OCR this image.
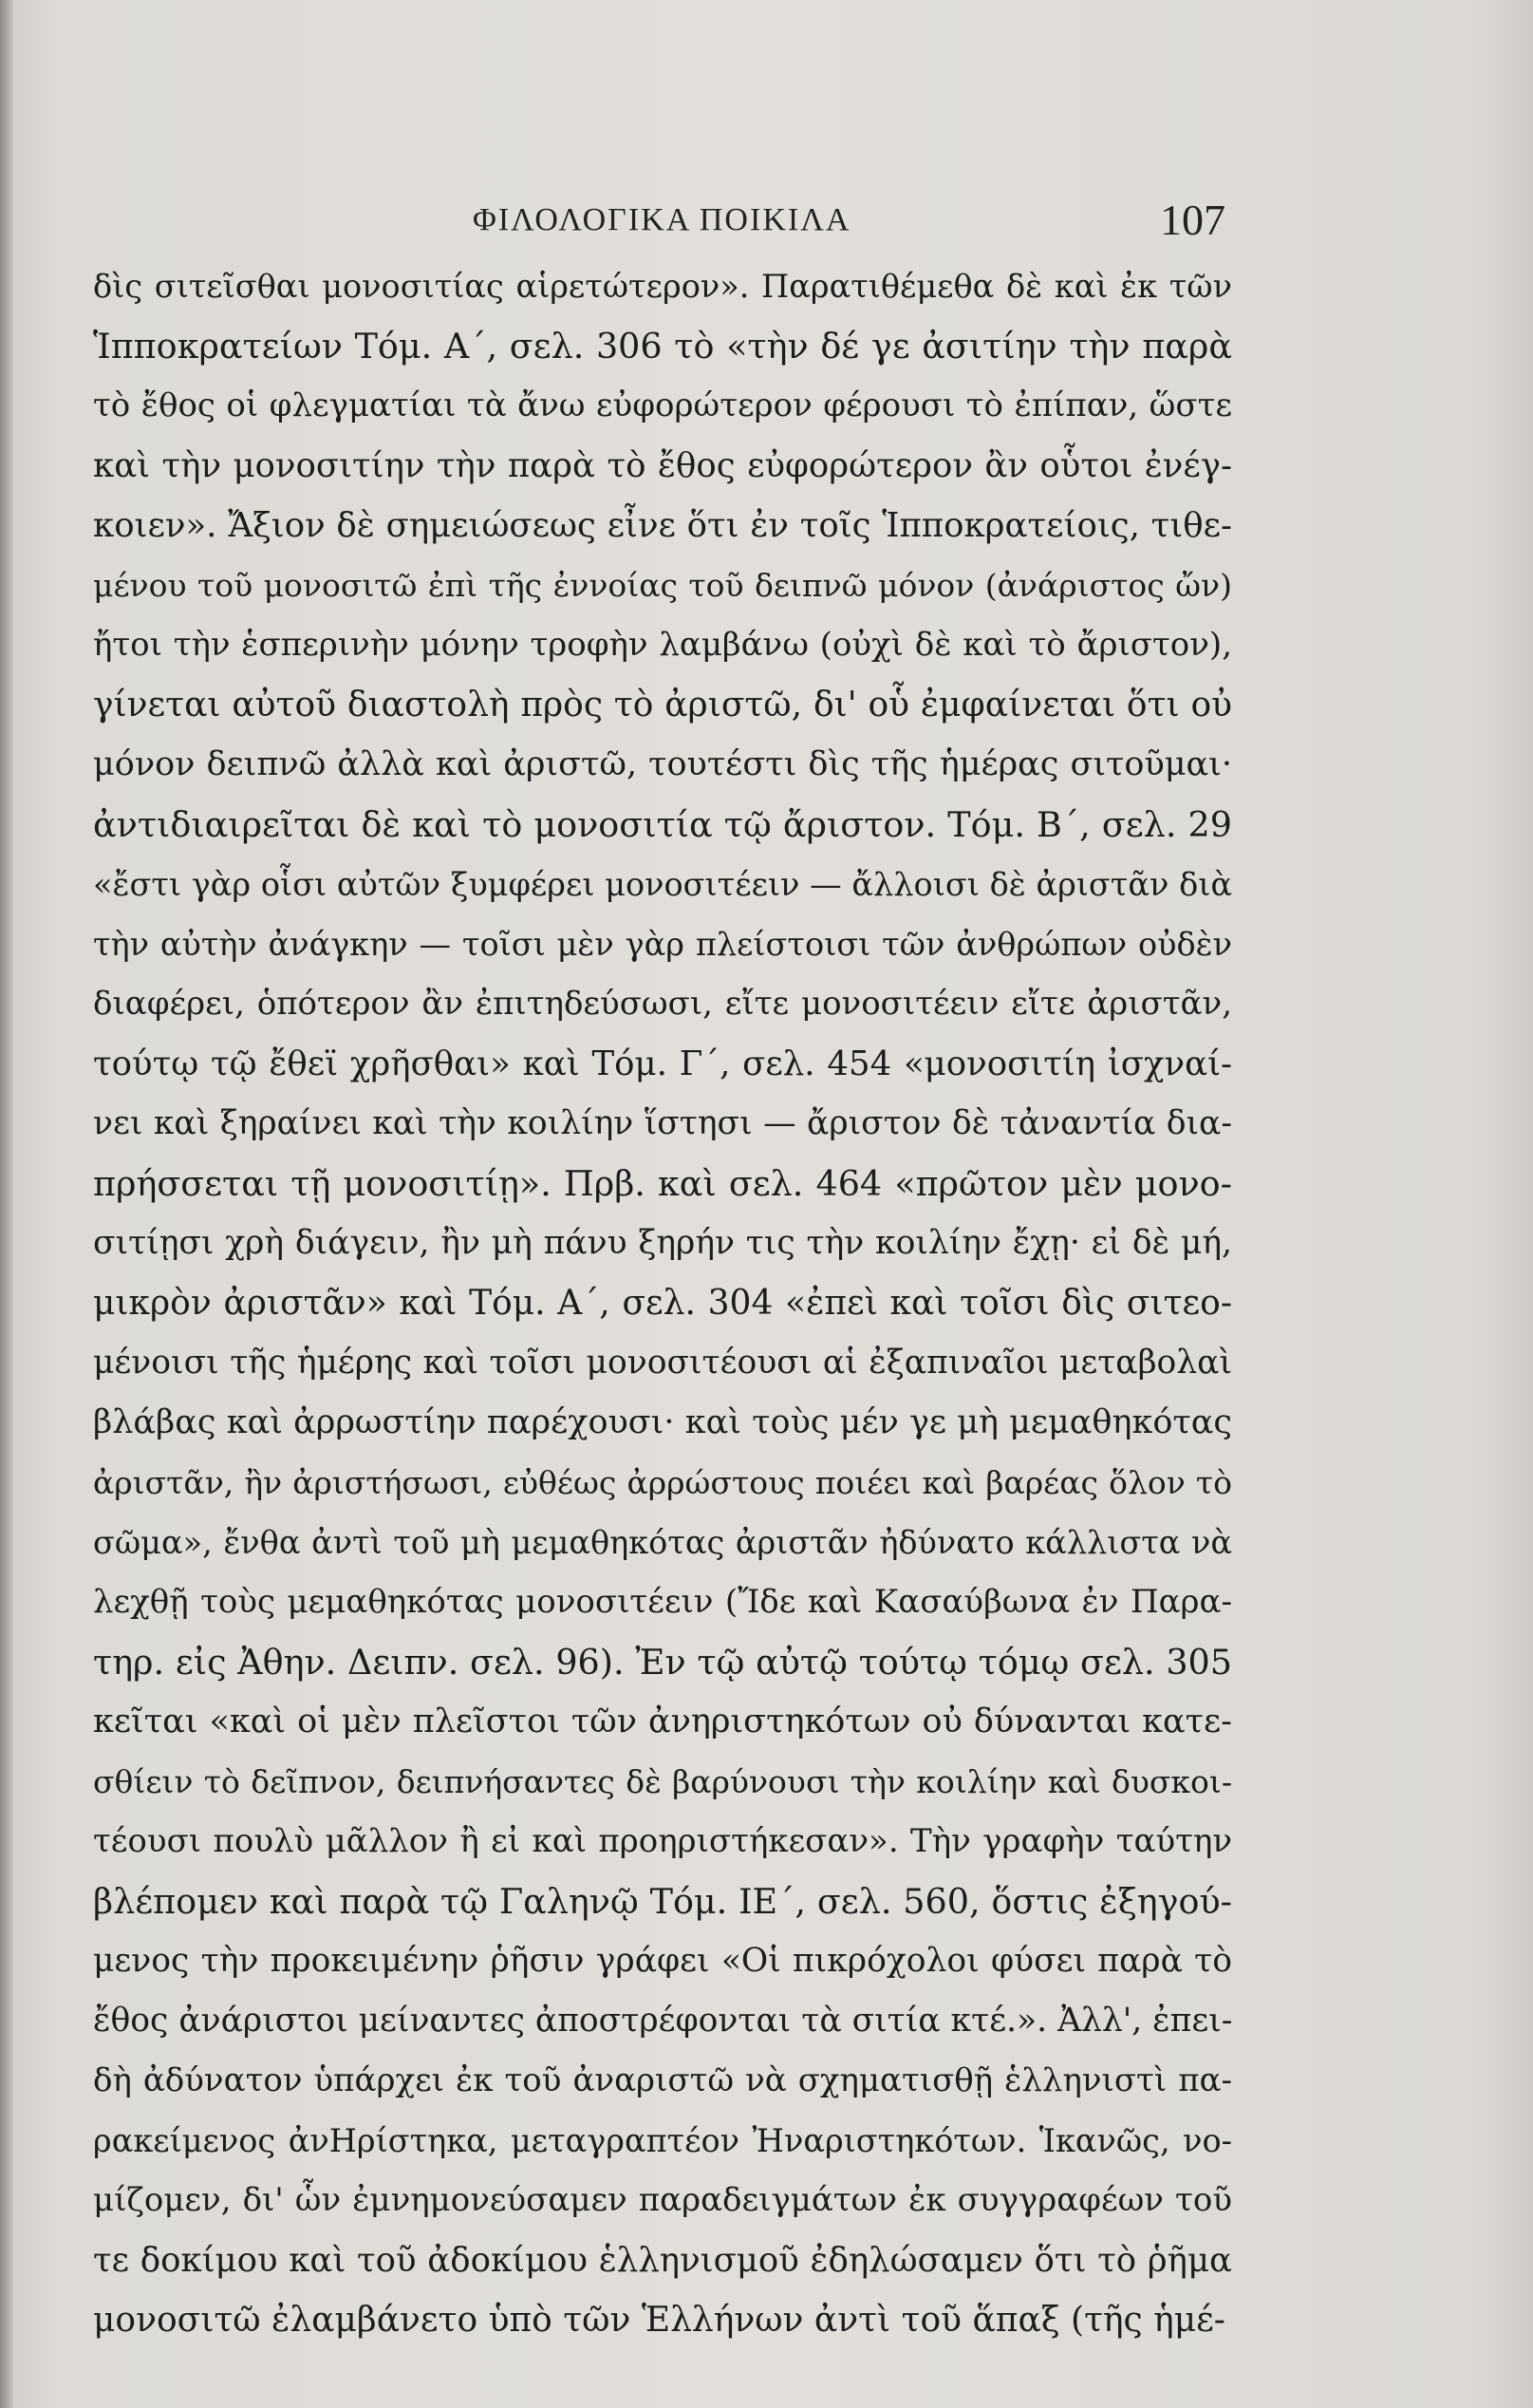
ΦΙΛΟΛΟΓΙΚΑ ΠΟΙΚΙΛΑ	107
δὶς σιτεῖσθαι μονοσιτίας αἱρετώτερον». Παρατιθέμεθα δὲ καὶ ἐκ τῶν
Ἱπποκρατείων Τόμ. Α΄, σελ. 306 τὸ «τὴν δέ γε ἀσιτίην τὴν παρὰ
τὸ ἔθος οἱ φλεγματίαι τὰ ἄνω εὐφορώτερον φέρουσι τὸ ἐπίπαν, ὥστε
καὶ τὴν μονοσιτίην τὴν παρὰ τὸ ἔθος εὐφορώτερον ἂν οὗτοι ἐνέγ-
κοιεν». Ἄξιον δὲ σημειώσεως εἶνε ὅτι ἐν τοῖς Ἱπποκρατείοις, τιθε-
μένου τοῦ μονοσιτῶ ἐπὶ τῆς ἐννοίας τοῦ δειπνῶ μόνον (ἀνάριστος ὤν)
ἤτοι τὴν ἑσπερινὴν μόνην τροφὴν λαμβάνω (οὐχὶ δὲ καὶ τὸ ἄριστον),
γίνεται αὐτοῦ διαστολὴ πρὸς τὸ ἀριστῶ, δι' οὗ ἐμφαίνεται ὅτι οὐ
μόνον δειπνῶ ἀλλὰ καὶ ἀριστῶ, τουτέστι δὶς τῆς ἡμέρας σιτοῦμαι·
ἀντιδιαιρεῖται δὲ καὶ τὸ μονοσιτία τῷ ἄριστον. Τόμ. Β΄, σελ. 29
«ἔστι γὰρ οἷσι αὐτῶν ξυμφέρει μονοσιτέειν — ἄλλοισι δὲ ἀριστᾶν διὰ
τὴν αὐτὴν ἀνάγκην — τοῖσι μὲν γὰρ πλείστοισι τῶν ἀνθρώπων οὐδὲν
διαφέρει, ὁπότερον ἂν ἐπιτηδεύσωσι, εἴτε μονοσιτέειν εἴτε ἀριστᾶν,
τούτῳ τῷ ἔθεϊ χρῆσθαι» καὶ Τόμ. Γ΄, σελ. 454 «μονοσιτίη ἰσχναί-
νει καὶ ξηραίνει καὶ τὴν κοιλίην ἵστησι — ἄριστον δὲ τἀναντία δια-
πρήσσεται τῇ μονοσιτίῃ». Πρβ. καὶ σελ. 464 «πρῶτον μὲν μονο-
σιτίῃσι χρὴ διάγειν, ἢν μὴ πάνυ ξηρήν τις τὴν κοιλίην ἔχῃ· εἰ δὲ μή,
μικρὸν ἀριστᾶν» καὶ Τόμ. Α΄, σελ. 304 «ἐπεὶ καὶ τοῖσι δὶς σιτεο-
μένοισι τῆς ἡμέρης καὶ τοῖσι μονοσιτέουσι αἱ ἐξαπιναῖοι μεταβολαὶ
βλάβας καὶ ἀρρωστίην παρέχουσι· καὶ τοὺς μέν γε μὴ μεμαθηκότας
ἀριστᾶν, ἢν ἀριστήσωσι, εὐθέως ἀρρώστους ποιέει καὶ βαρέας ὅλον τὸ
σῶμα», ἔνθα ἀντὶ τοῦ μὴ μεμαθηκότας ἀριστᾶν ἠδύνατο κάλλιστα νὰ
λεχθῇ τοὺς μεμαθηκότας μονοσιτέειν (Ἴδε καὶ Κασαύβωνα ἐν Παρα-
τηρ. εἰς Ἀθην. Δειπν. σελ. 96). Ἐν τῷ αὐτῷ τούτῳ τόμῳ σελ. 305
κεῖται «καὶ οἱ μὲν πλεῖστοι τῶν ἀνηριστηκότων οὐ δύνανται κατε-
σθίειν τὸ δεῖπνον, δειπνήσαντες δὲ βαρύνουσι τὴν κοιλίην καὶ δυσκοι-
τέουσι πουλὺ μᾶλλον ἢ εἰ καὶ προηριστήκεσαν». Τὴν γραφὴν ταύτην
βλέπομεν καὶ παρὰ τῷ Γαληνῷ Τόμ. ΙΕ΄, σελ. 560, ὅστις ἐξηγού-
μενος τὴν προκειμένην ῥῆσιν γράφει «Οἱ πικρόχολοι φύσει παρὰ τὸ
ἔθος ἀνάριστοι μείναντες ἀποστρέφονται τὰ σιτία κτέ.». Ἀλλ', ἐπει-
δὴ ἀδύνατον ὑπάρχει ἐκ τοῦ ἀναριστῶ νὰ σχηματισθῇ ἑλληνιστὶ πα-
ρακείμενος ἀνΗρίστηκα, μεταγραπτέον Ἠναριστηκότων. Ἱκανῶς, νο-
μίζομεν, δι' ὧν ἐμνημονεύσαμεν παραδειγμάτων ἐκ συγγραφέων τοῦ
τε δοκίμου καὶ τοῦ ἀδοκίμου ἑλληνισμοῦ ἐδηλώσαμεν ὅτι τὸ ῥῆμα
μονοσιτῶ ἐλαμβάνετο ὑπὸ τῶν Ἑλλήνων ἀντὶ τοῦ ἅπαξ (τῆς ἡμέ-
